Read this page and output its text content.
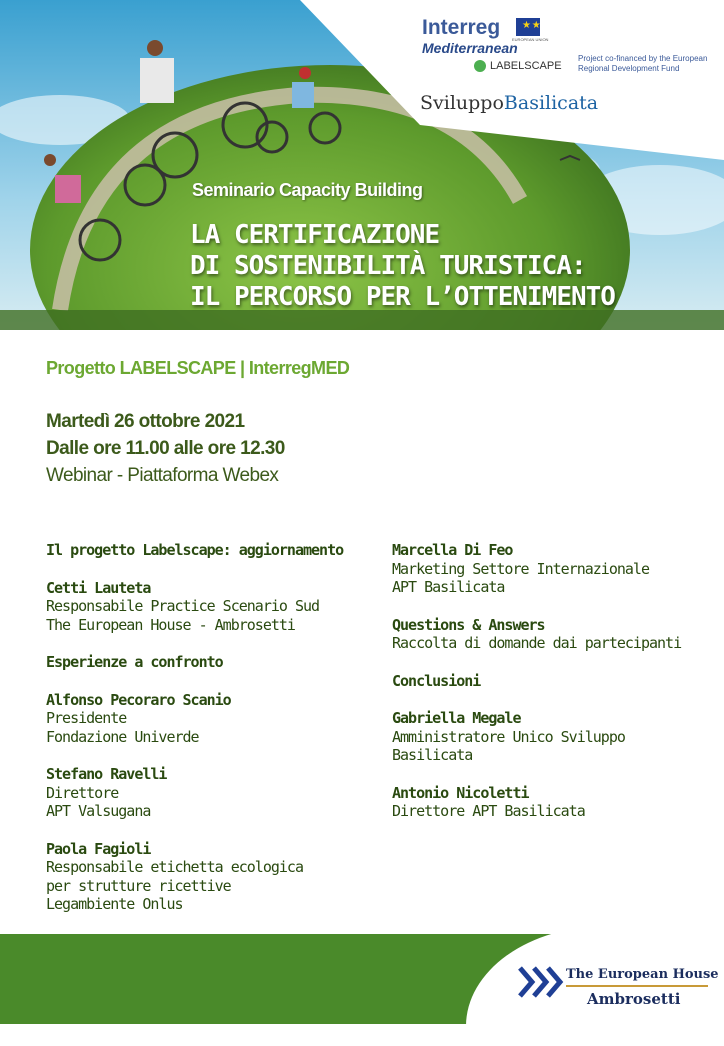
Interreg ★ ★
EUROPEAN UNION
Mediterranean
LABELSCAPE
Project co-financed by the European Regional Development Fund
SviluppoBasilicata
Seminario Capacity Building
LA CERTIFICAZIONE
DI SOSTENIBILITÀ TURISTICA:
IL PERCORSO PER L’OTTENIMENTO
Progetto LABELSCAPE | InterregMED
Martedì 26 ottobre 2021
Dalle ore 11.00 alle ore 12.30
Webinar - Piattaforma Webex
Il progetto Labelscape: aggiornamento
Cetti Lauteta
Responsabile Practice Scenario Sud
The European House - Ambrosetti
Esperienze a confronto
Alfonso Pecoraro Scanio
Presidente
Fondazione Univerde
Stefano Ravelli
Direttore
APT Valsugana
Paola Fagioli
Responsabile etichetta ecologica
per strutture ricettive
Legambiente Onlus
Marcella Di Feo
Marketing Settore Internazionale
APT Basilicata
Questions & Answers
Raccolta di domande dai partecipanti
Conclusioni
Gabriella Megale
Amministratore Unico Sviluppo Basilicata
Antonio Nicoletti
Direttore APT Basilicata
The European House
Ambrosetti
